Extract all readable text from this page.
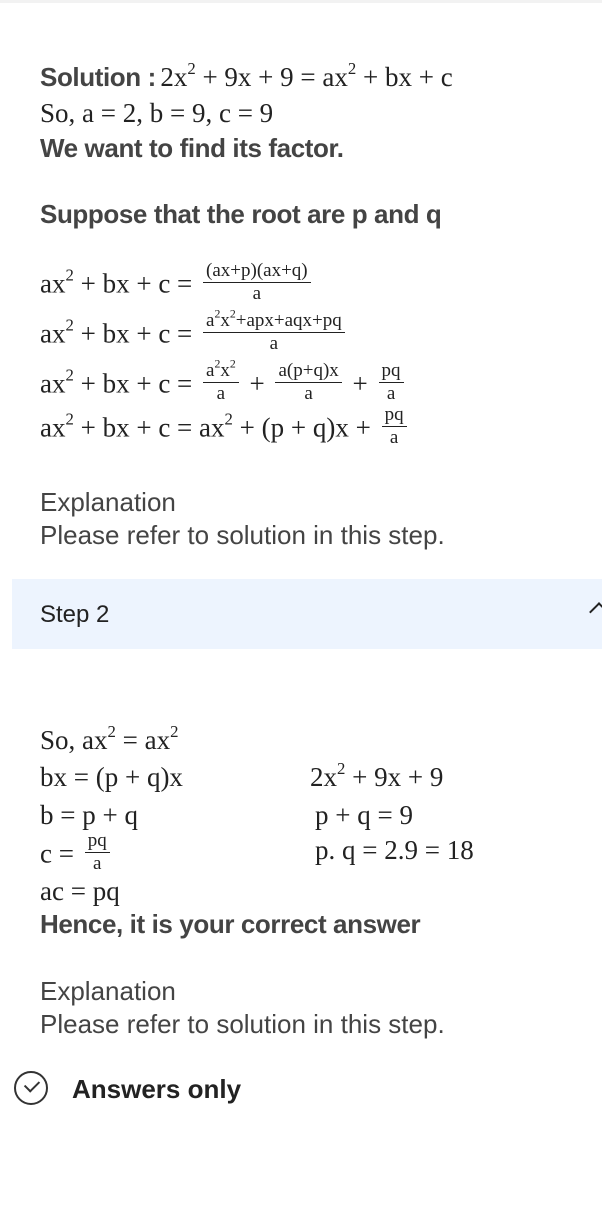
Solution : $2x^2 + 9x + 9 = ax^2$ + bx + c
So, a = 2, b = 9, c = 9
We want to find its factor.
Suppose that the root are p and q
$ax^2$ + bx + $c = \frac{(ax+p)(ax+q)}{a}$
$ax^2$ + bx + $c = \frac{a^2x^2+apx+aqx+pq}{a}$
$ax^2$ + bx + $c = \frac{a^2x^2}{a} + \frac{a(p+q)x}{a} + \frac{pq}{a}$
$ax^2$ + bx + $c = ax^2 + (p + q)x + \frac{pq}{a}$
Explanation
Please refer to solution in this step.
Step 2
So, $ax^2 = ax^2$
bx = (p + q)x
b = p + q
$c = \frac{pq}{a}$
ac = pq
$2x^2 + 9x + 9$
p + q = 9
p. q = 2.9 = 18
Hence, it is your correct answer
Explanation
Please refer to solution in this step.
Answers only
